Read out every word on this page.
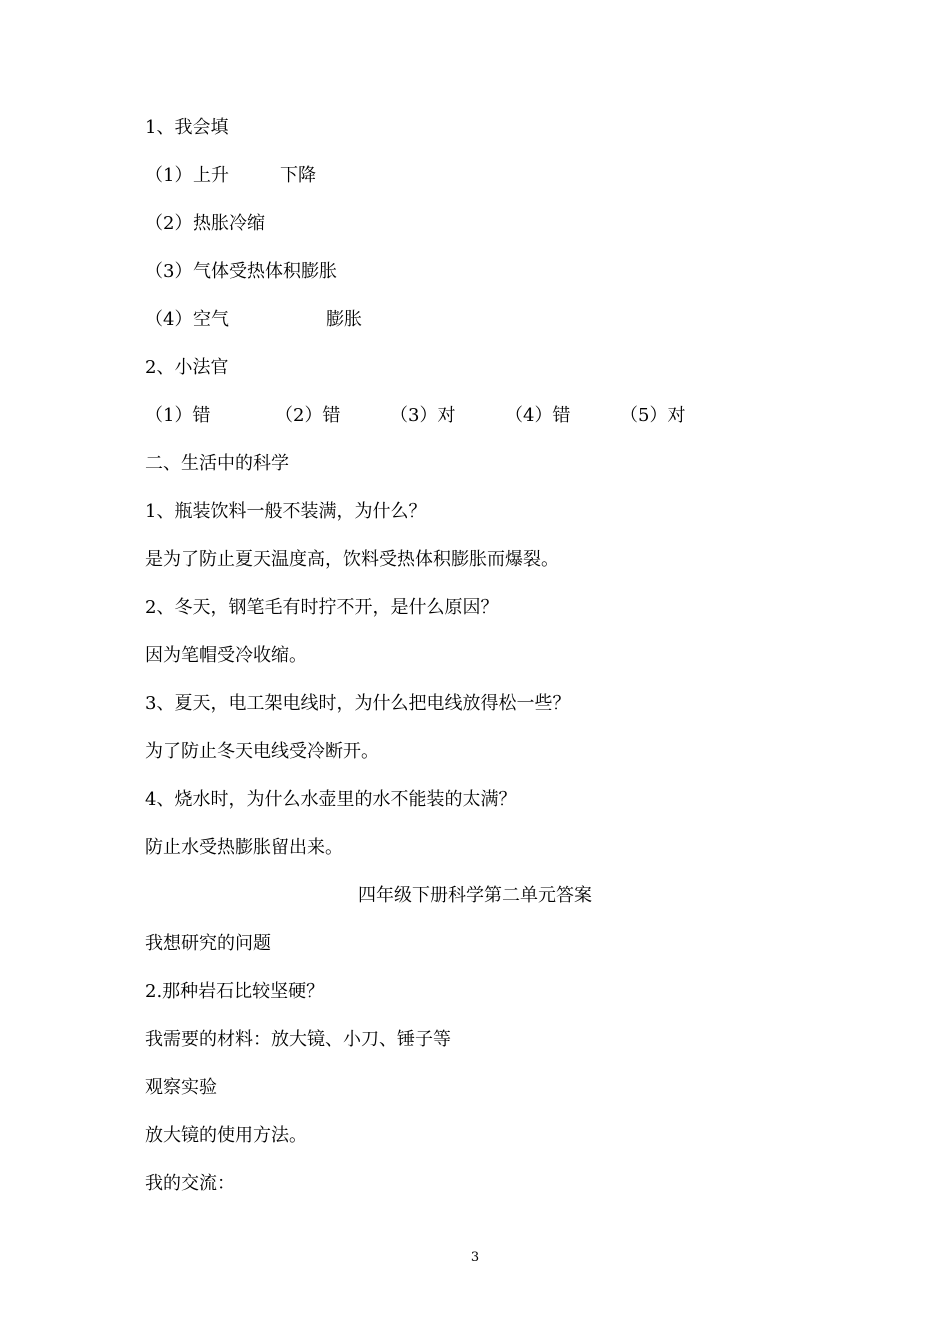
1、我会填
（1） 上升	下降
（2） 热胀冷缩
（3） 气体受热体积膨胀
（4） 空气	膨胀
2、小法官
（1）错	（2）错	（3）对	（4）错	（5）对
二、生活中的科学
1、瓶装饮料一般不装满，为什么？
是为了防止夏天温度高，饮料受热体积膨胀而爆裂。
2、冬天，钢笔毛有时拧不开，是什么原因？
因为笔帽受冷收缩。
3、夏天，电工架电线时，为什么把电线放得松一些？
为了防止冬天电线受冷断开。
4、烧水时，为什么水壶里的水不能装的太满？
防止水受热膨胀留出来。
四年级下册科学第二单元答案
我想研究的问题
2.那种岩石比较坚硬？
我需要的材料：放大镜、小刀、锤子等
观察实验
放大镜的使用方法。
我的交流：
3
